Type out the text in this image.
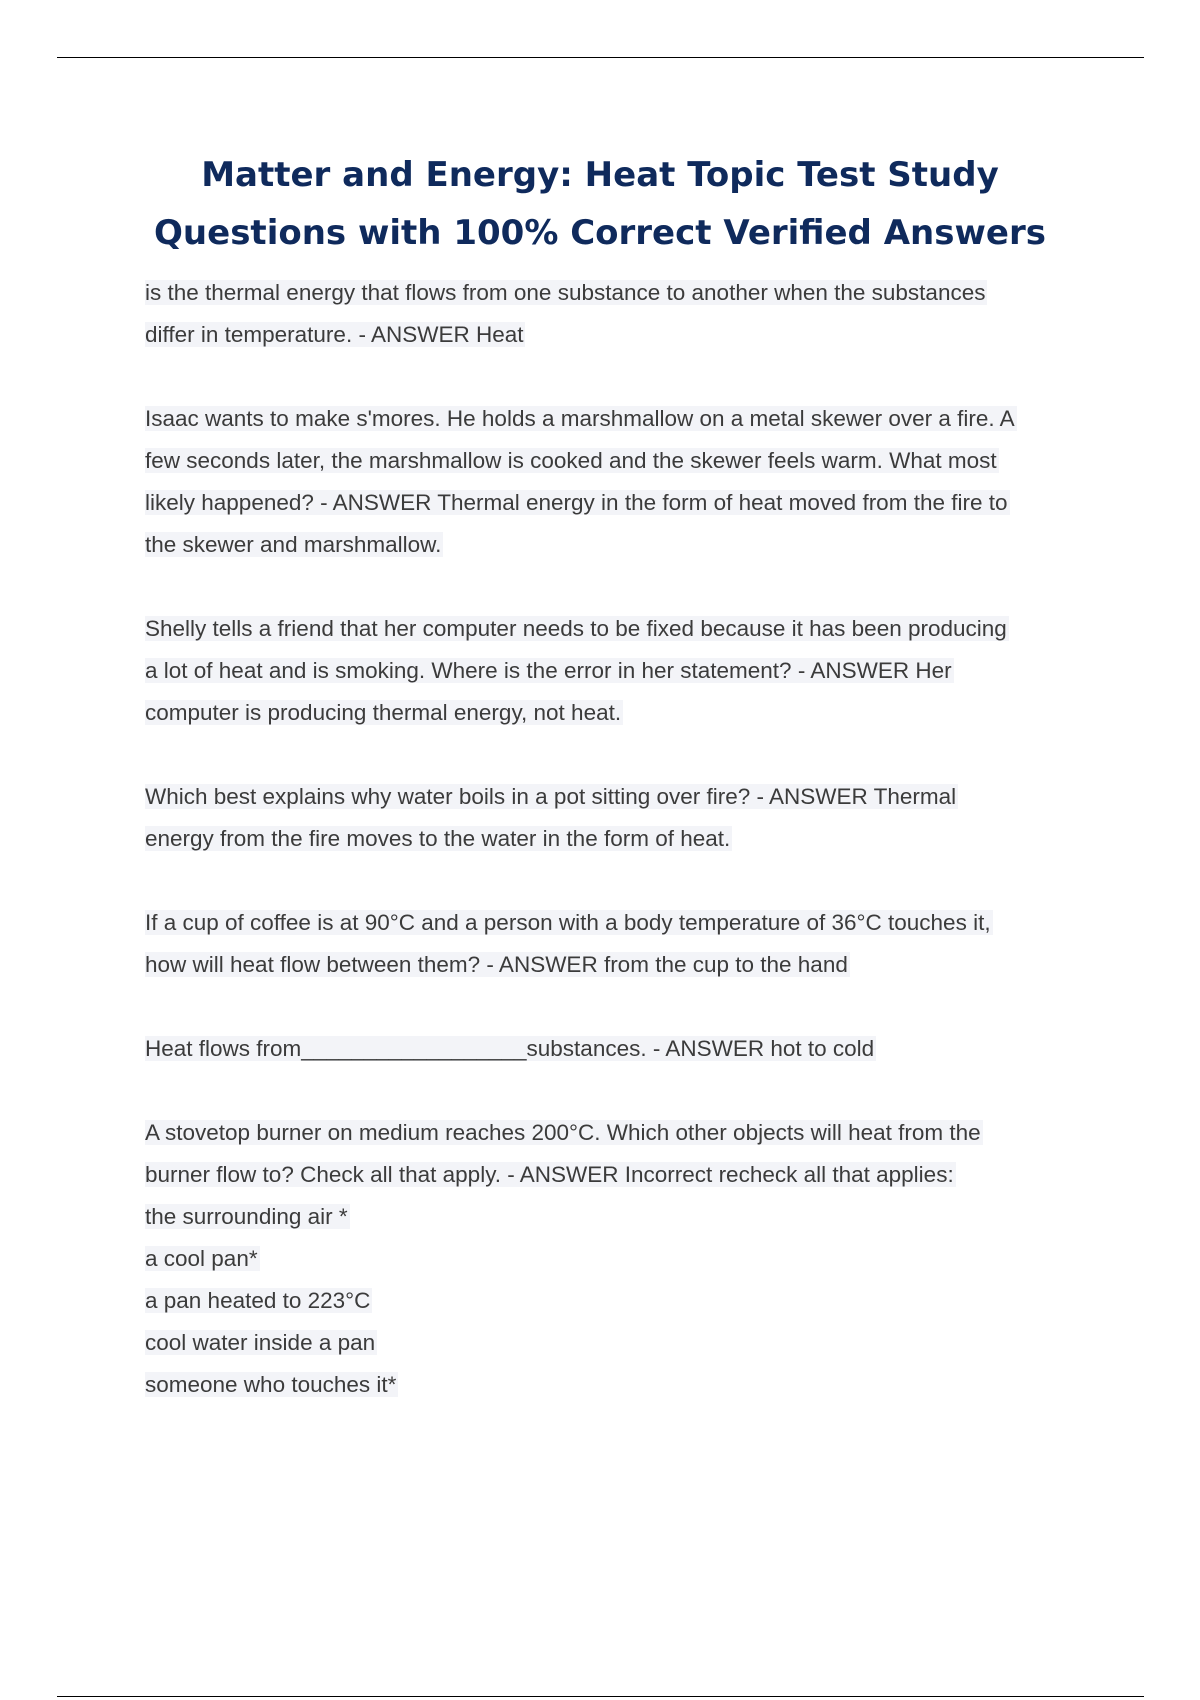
Matter and Energy: Heat Topic Test Study
Questions with 100% Correct Verified Answers
is the thermal energy that flows from one substance to another when the substances
differ in temperature. - ANSWER Heat
Isaac wants to make s'mores. He holds a marshmallow on a metal skewer over a fire. A
few seconds later, the marshmallow is cooked and the skewer feels warm. What most
likely happened? - ANSWER Thermal energy in the form of heat moved from the fire to
the skewer and marshmallow.
Shelly tells a friend that her computer needs to be fixed because it has been producing
a lot of heat and is smoking. Where is the error in her statement? - ANSWER Her
computer is producing thermal energy, not heat.
Which best explains why water boils in a pot sitting over fire? - ANSWER Thermal
energy from the fire moves to the water in the form of heat.
If a cup of coffee is at 90°C and a person with a body temperature of 36°C touches it,
how will heat flow between them? - ANSWER from the cup to the hand
Heat flows from__________________substances. - ANSWER hot to cold
A stovetop burner on medium reaches 200°C. Which other objects will heat from the
burner flow to? Check all that apply. - ANSWER Incorrect recheck all that applies:
the surrounding air *
a cool pan*
a pan heated to 223°C
cool water inside a pan
someone who touches it*
